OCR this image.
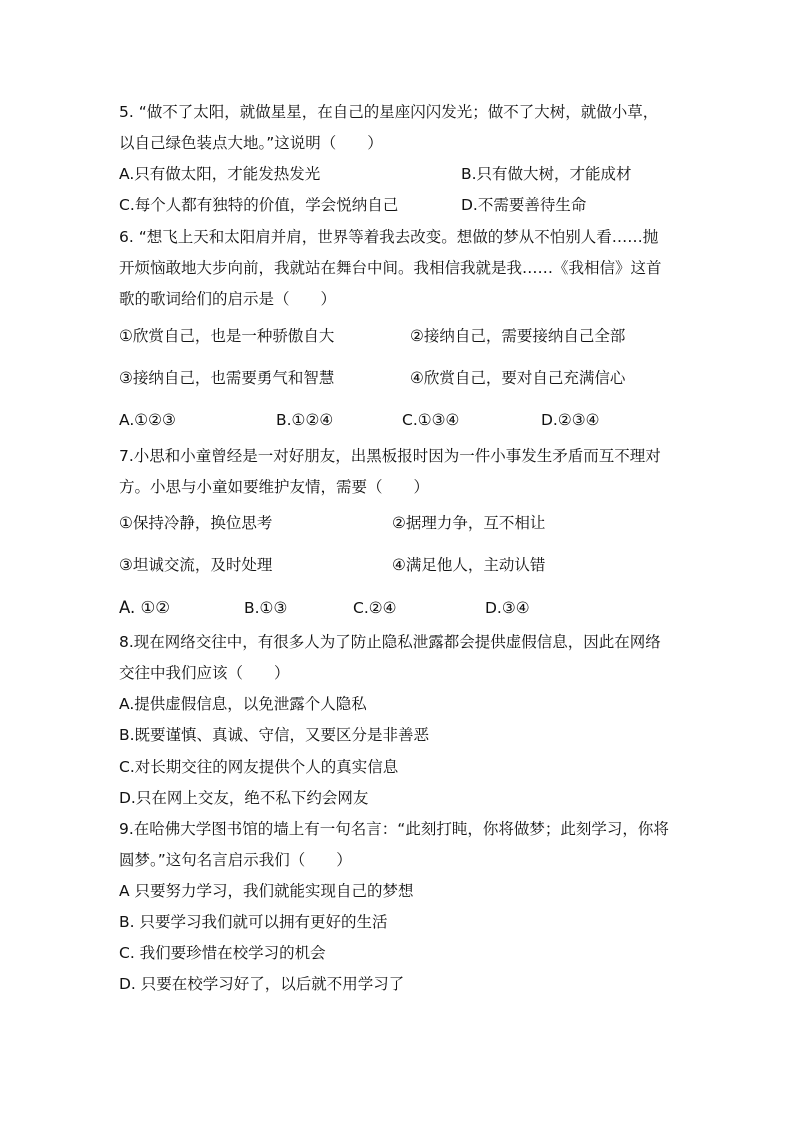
5. “做不了太阳，就做星星，在自己的星座闪闪发光；做不了大树，就做小草，
以自己绿色装点大地。”这说明（　　）
A.只有做太阳，才能发热发光	B.只有做大树，才能成材
C.每个人都有独特的价值，学会悦纳自己	D.不需要善待生命
6. “想飞上天和太阳肩并肩，世界等着我去改变。想做的梦从不怕别人看……抛
开烦恼敢地大步向前，我就站在舞台中间。我相信我就是我……《我相信》这首
歌的歌词给们的启示是（　　）
①欣赏自己，也是一种骄傲自大	②接纳自己，需要接纳自己全部
③接纳自己，也需要勇气和智慧	④欣赏自己，要对自己充满信心
A.①②③	B.①②④	C.①③④	D.②③④
7.小思和小童曾经是一对好朋友，出黑板报时因为一件小事发生矛盾而互不理对
方。小思与小童如要维护友情，需要（　　）
①保持冷静，换位思考	②据理力争，互不相让
③坦诚交流，及时处理	④满足他人，主动认错
A. ①②	B.①③	C.②④	D.③④
8.现在网络交往中，有很多人为了防止隐私泄露都会提供虚假信息，因此在网络
交往中我们应该（　　）
A.提供虚假信息，以免泄露个人隐私
B.既要谨慎、真诚、守信，又要区分是非善恶
C.对长期交往的网友提供个人的真实信息
D.只在网上交友，绝不私下约会网友
9.在哈佛大学图书馆的墙上有一句名言：“此刻打盹，你将做梦；此刻学习，你将
圆梦。”这句名言启示我们（　　）
A 只要努力学习，我们就能实现自己的梦想
B. 只要学习我们就可以拥有更好的生活
C. 我们要珍惜在校学习的机会
D. 只要在校学习好了，以后就不用学习了
